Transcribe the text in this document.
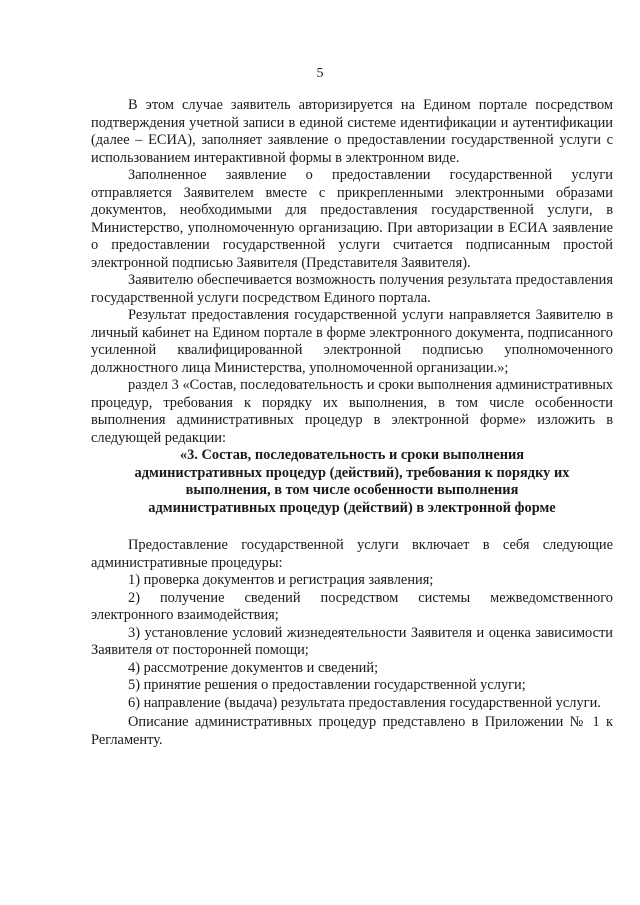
5

В этом случае заявитель авторизируется на Едином портале посредством подтверждения учетной записи в единой системе идентификации и аутентификации (далее – ЕСИА), заполняет заявление о предоставлении государственной услуги с использованием интерактивной формы в электронном виде.

Заполненное заявление о предоставлении государственной услуги отправляется Заявителем вместе с прикрепленными электронными образами документов, необходимыми для предоставления государственной услуги, в Министерство, уполномоченную организацию. При авторизации в ЕСИА заявление о предоставлении государственной услуги считается подписанным простой электронной подписью Заявителя (Представителя Заявителя).

Заявителю обеспечивается возможность получения результата предоставления государственной услуги посредством Единого портала.

Результат предоставления государственной услуги направляется Заявителю в личный кабинет на Едином портале в форме электронного документа, подписанного усиленной квалифицированной электронной подписью уполномоченного должностного лица Министерства, уполномоченной организации.»;

раздел 3 «Состав, последовательность и сроки выполнения административных процедур, требования к порядку их выполнения, в том числе особенности выполнения административных процедур в электронной форме» изложить в следующей редакции:

«3. Состав, последовательность и сроки выполнения
административных процедур (действий), требования к порядку их
выполнения, в том числе особенности выполнения
административных процедур (действий) в электронной форме

Предоставление государственной услуги включает в себя следующие административные процедуры:

1) проверка документов и регистрация заявления;

2) получение сведений посредством системы межведомственного электронного взаимодействия;

3) установление условий жизнедеятельности Заявителя и оценка зависимости Заявителя от посторонней помощи;

4) рассмотрение документов и сведений;

5) принятие решения о предоставлении государственной услуги;

6) направление (выдача) результата предоставления государственной услуги.

Описание административных процедур представлено в Приложении № 1 к Регламенту.
